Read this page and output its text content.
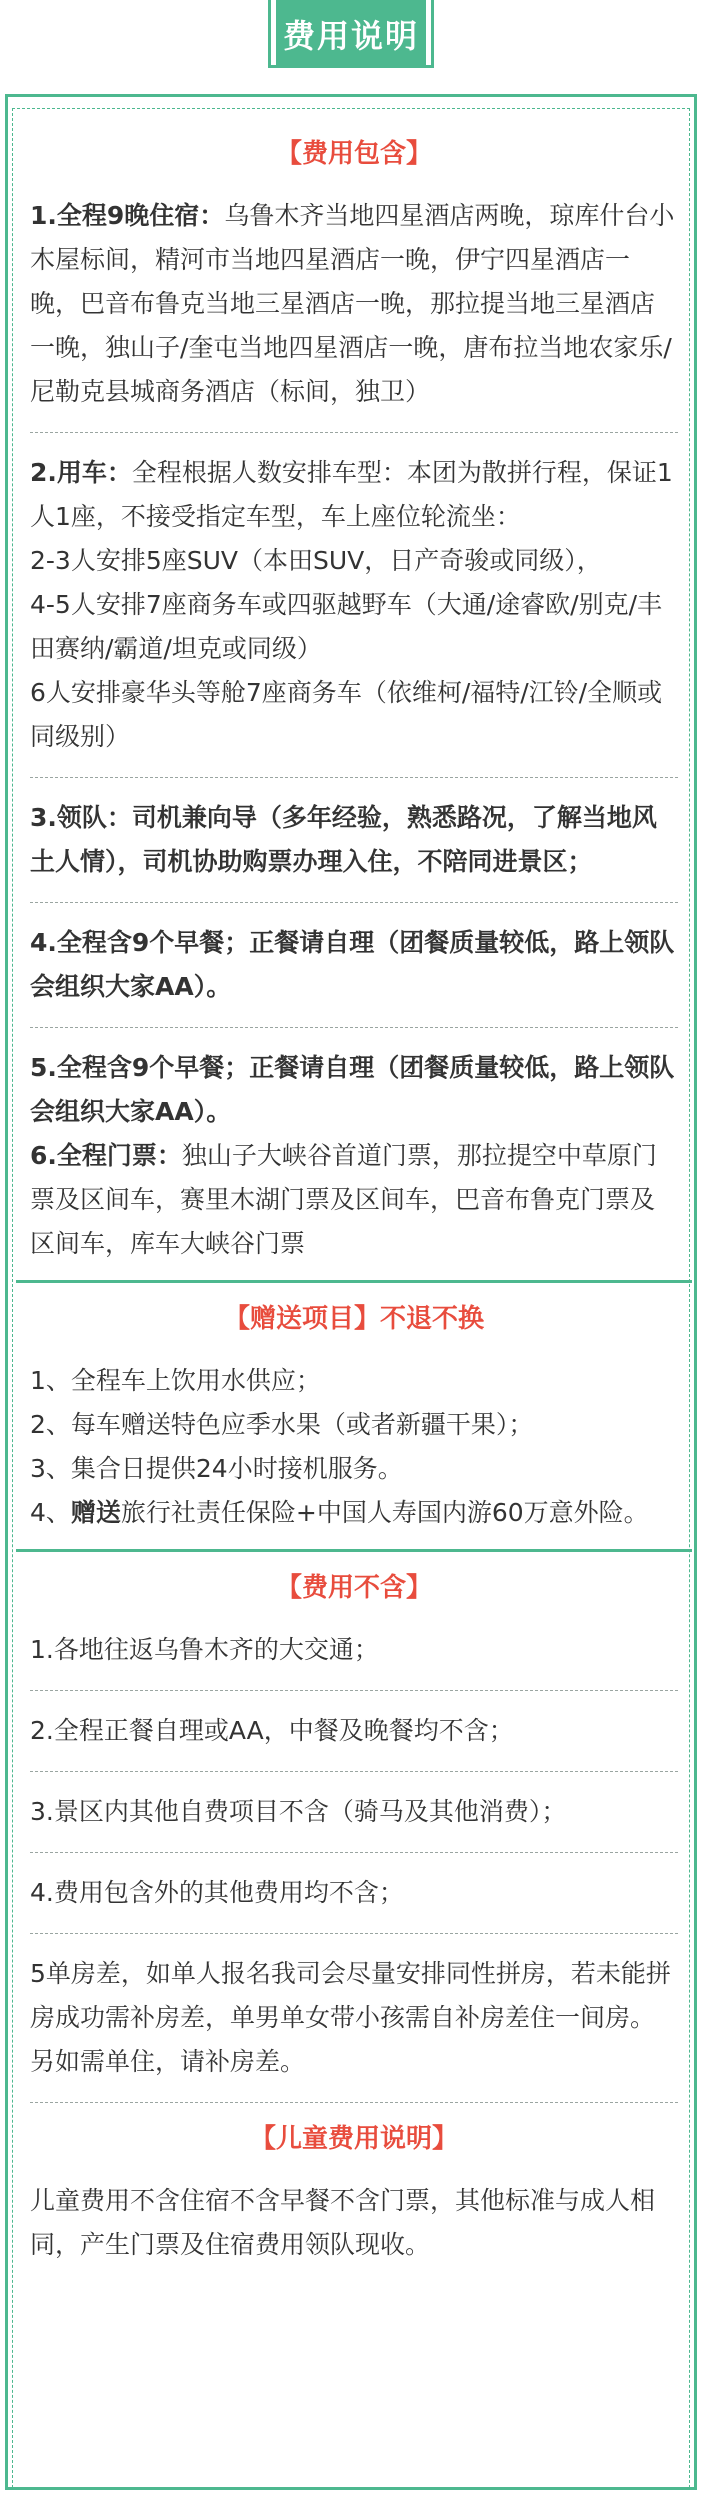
费用说明
【费用包含】

1.全程9晚住宿：乌鲁木齐当地四星酒店两晚，琼库什台小木屋标间，精河市当地四星酒店一晚，伊宁四星酒店一晚，巴音布鲁克当地三星酒店一晚，那拉提当地三星酒店一晚，独山子/奎屯当地四星酒店一晚，唐布拉当地农家乐/尼勒克县城商务酒店（标间，独卫）

2.用车：全程根据人数安排车型：本团为散拼行程，保证1人1座，不接受指定车型，车上座位轮流坐：

2-3人安排5座SUV（本田SUV，日产奇骏或同级），

4-5人安排7座商务车或四驱越野车（大通/途睿欧/别克/丰田赛纳/霸道/坦克或同级）

6人安排豪华头等舱7座商务车（依维柯/福特/江铃/全顺或同级别）

3.领队：司机兼向导（多年经验，熟悉路况，了解当地风土人情），司机协助购票办理入住，不陪同进景区；

4.全程含9个早餐；正餐请自理（团餐质量较低，路上领队会组织大家AA）。

5.全程含9个早餐；正餐请自理（团餐质量较低，路上领队会组织大家AA）。

6.全程门票：独山子大峡谷首道门票，那拉提空中草原门票及区间车，赛里木湖门票及区间车，巴音布鲁克门票及区间车，库车大峡谷门票

【赠送项目】不退不换

1、全程车上饮用水供应；

2、每车赠送特色应季水果（或者新疆干果）；

3、集合日提供24小时接机服务。

4、赠送旅行社责任保险+中国人寿国内游60万意外险。

【费用不含】

1.各地往返乌鲁木齐的大交通；

2.全程正餐自理或AA，中餐及晚餐均不含；

3.景区内其他自费项目不含（骑马及其他消费）；

4.费用包含外的其他费用均不含；

5单房差，如单人报名我司会尽量安排同性拼房，若未能拼房成功需补房差，单男单女带小孩需自补房差住一间房。另如需单住，请补房差。

【儿童费用说明】

儿童费用不含住宿不含早餐不含门票，其他标准与成人相同，产生门票及住宿费用领队现收。
